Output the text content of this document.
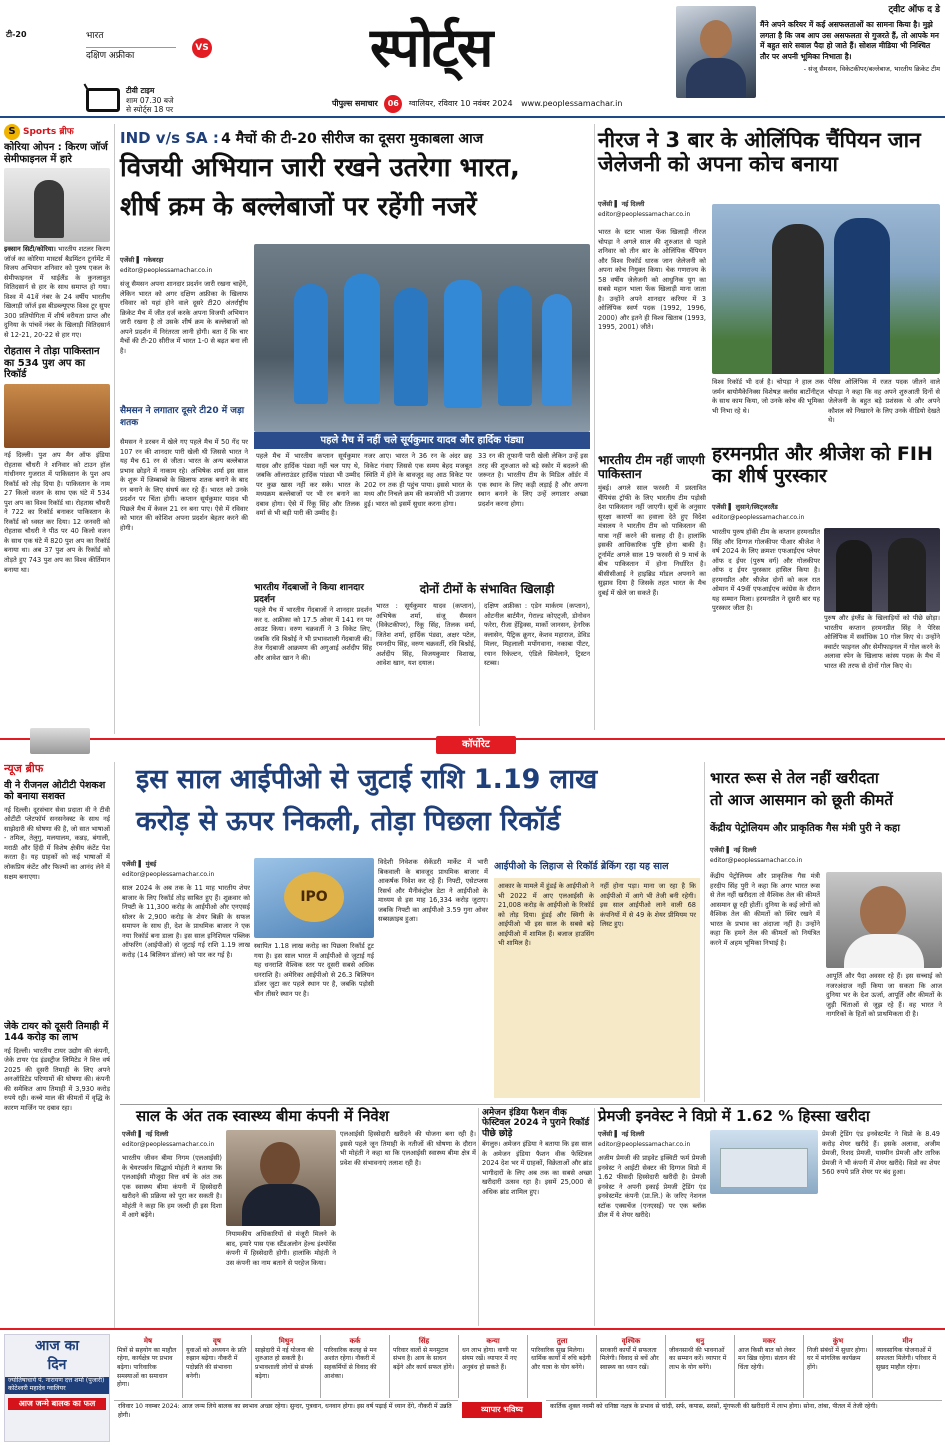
टी-20	भारत
दक्षिण अफ्रीका
VS
टीवी टाइम
शाम 07.30 बजे
से स्पोर्ट्स 18 पर
स्पोर्ट्स
पीपुल्स समाचार 06 ग्वालियर, रविवार 10 नवंबर 2024 www.peoplessamachar.in
ट्वीट ऑफ द डे
मैंने अपने करियर में कई असफलताओं का सामना किया है। मुझे लगता है कि जब आप उस असफलता से गुजरते हैं, तो आपके मन में बहुत सारे सवाल पैदा हो जाते हैं। सोशल मीडिया भी निश्चित तौर पर अपनी भूमिका निभाता है।
- संजू सैमसन, विकेटकीपर/बल्लेबाज, भारतीय क्रिकेट टीम
S Sports ब्रीफ
कोरिया ओपन : किरण जॉर्ज सेमीफाइनल में हारे
इक्सान सिटी/कोरिया। भारतीय शटलर किरण जॉर्ज का कोरिया मास्टर्स बैडमिंटन टूर्नामेंट में विजय अभियान शनिवार को पुरुष एकल के सेमीफाइनल में थाईलैंड के कुनलावुत वितिदसार्न से हार के साथ समाप्त हो गया। विश्व में 41वें नंबर के 24 वर्षीय भारतीय खिलाड़ी जॉर्ज इस बीडब्ल्यूएफ विश्व टूर सुपर 300 प्रतियोगिता में शीर्ष वरीयता प्राप्त और दुनिया के पांचवें नंबर के खिलाड़ी वितिदसार्न से 12-21, 20-22 से हार गए।
रोहतास ने तोड़ा पाकिस्तान का 534 पुश अप का रिकॉर्ड
नई दिल्ली। पुश अप मैन ऑफ इंडिया रोहतास चौधरी ने शनिवार को टाउन हॉल गांधीनगर गुजरात में पाकिस्तान के पुश अप रिकॉर्ड को तोड़ दिया है। पाकिस्तान के नाम 27 किलो वजन के साथ एक घंटे में 534 पुश अप का विश्व रिकॉर्ड था। रोहतास चौधरी ने 722 का रिकॉर्ड बनाकर पाकिस्तान के रिकॉर्ड को ध्वस्त कर दिया। 12 जनवरी को रोहतास चौधरी ने पीठ पर 40 किलो वजन के साथ एक घंटे में 820 पुश अप का रिकॉर्ड बनाया था। अब 37 पुश अप के रिकॉर्ड को तोड़ते हुए 743 पुश अप का विश्व कीर्तिमान बनाया था।
IND v/s SA : 4 मैचों की टी-20 सीरीज का दूसरा मुकाबला आज
विजयी अभियान जारी रखने उतरेगा भारत,
शीर्ष क्रम के बल्लेबाजों पर रहेंगी नजरें
एजेंसी ▌ गकेबरहा
editor@peoplessamachar.co.in
संजू सैमसन अपना शानदार प्रदर्शन जारी रखना चाहेंगे, लेकिन भारत को अगर दक्षिण अफ्रीका के खिलाफ रविवार को यहां होने वाले दूसरे टी20 अंतर्राष्ट्रीय क्रिकेट मैच में जीत दर्ज करके अपना विजयी अभियान जारी रखना है तो उसके शीर्ष क्रम के बल्लेबाजों को अपने प्रदर्शन में निरंतरता लानी होगी। बता दें कि चार मैचों की टी-20 सीरीज में भारत 1-0 से बढ़त बना ली है।
सैमसन ने लगातार दूसरे टी20 में जड़ा शतक
सैमसन ने डरबन में खेले गए पहले मैच में 50 गेंद पर 107 रन की शानदार पारी खेली थी जिससे भारत ने यह मैच 61 रन से जीता। भारत के अन्य बल्लेबाज प्रभाव छोड़ने में नाकाम रहे। अभिषेक शर्मा इस साल के शुरू में जिम्बाब्वे के खिलाफ शतक बनाने के बाद रन बनाने के लिए संघर्ष कर रहे हैं। भारत को उनके प्रदर्शन पर चिंता होगी। कप्तान सूर्यकुमार यादव भी पिछले मैच में केवल 21 रन बना पाए। ऐसे में रविवार को भारत की कोशिश अपना प्रदर्शन बेहतर करने की होगी।
पहले मैच में नहीं चले सूर्यकुमार यादव और हार्दिक पंड्या
पहले मैच में भारतीय कप्तान सूर्यकुमार यादव और हार्दिक पंड्या नहीं चल पाए थे, जबकि ऑलराउंडर हार्दिक पांड्या भी उम्मीद पर कुछ खास नहीं कर सके। भारत के मध्यक्रम बल्लेबाजों पर भी रन बनाने का दबाव होगा। ऐसे में रिंकू सिंह और तिलक वर्मा से भी बड़ी पारी की उम्मीद है।
नजर आए। भारत ने 36 रन के अंदर छह विकेट गंवाए जिससे एक समय बेहद मजबूत स्थिति में होने के बावजूद वह आठ विकेट पर 202 रन तक ही पहुंच पाया। इससे भारत के मध्य और निचले क्रम की कमजोरी भी उजागर हुई। भारत को इसमें सुधार करना होगा।
33 रन की तूफानी पारी खेली लेकिन उन्हें इस तरह की शुरुआत को बड़े स्कोर में बदलने की जरूरत है। भारतीय टीम के मिडिल ऑर्डर में एक स्थान के लिए कड़ी लड़ाई है और अपना स्थान बनाने के लिए उन्हें लगातार अच्छा प्रदर्शन करना होगा।
भारतीय गेंदबाजों ने किया शानदार प्रदर्शन
पहले मैच में भारतीय गेंदबाजों ने शानदार प्रदर्शन कर द. अफ्रीका को 17.5 ओवर में 141 रन पर आउट किया। वरुण चक्रवर्ती ने 3 विकेट लिए, जबकि रवि बिश्नोई ने भी प्रभावशाली गेंदबाजी की। तेज गेंदबाजी आक्रमण की अगुआई अर्शदीप सिंह और आवेश खान ने की।
दोनों टीमों के संभावित खिलाड़ी
भारत : सूर्यकुमार यादव (कप्तान), अभिषेक शर्मा, संजू सैमसन (विकेटकीपर), रिंकू सिंह, तिलक वर्मा, जितेश शर्मा, हार्दिक पंड्या, अक्षर पटेल, रमनदीप सिंह, वरुण चक्रवर्ती, रवि बिश्नोई, अर्शदीप सिंह, विजयकुमार विशाख, आवेश खान, यश दयाल।
दक्षिण अफ्रीका : एडेन मार्करम (कप्तान), ओटनील बार्टमैन, गेराल्ड कोएट्जी, डोनोवन फरेरा, रीजा हेंड्रिक्स, मार्को जानसन, हेनरिक क्लासेन, पैट्रिक क्रूगर, केशव महाराज, डेविड मिलर, मिहलाली मपोंगवाना, नकाबा पीटर, रयान रिकेल्टन, एंडिले सिमेलाने, ट्रिस्टन स्टब्स।
नीरज ने 3 बार के ओलिंपिक चैंपियन जान जेलेजनी को अपना कोच बनाया
एजेंसी ▌ नई दिल्ली
editor@peoplessamachar.co.in
भारत के स्टार भाला फेंक खिलाड़ी नीरज चोपड़ा ने अगले साल की शुरुआत से पहले शनिवार को तीन बार के ओलिंपिक चैंपियन और विश्व रिकॉर्ड धारक जान जेलेजनी को अपना कोच नियुक्त किया। चेक गणराज्य के 58 वर्षीय जेलेजनी को आधुनिक युग का सबसे महान भाला फेंक खिलाड़ी माना जाता है। उन्होंने अपने शानदार करियर में 3 ओलिंपिक स्वर्ण पदक (1992, 1996, 2000) और इतने ही विश्व खिताब (1993, 1995, 2001) जीते।
विश्व रिकॉर्ड भी दर्ज है। चोपड़ा ने हाल तक जर्मन बायोमैकेनिक्स विशेषज्ञ क्लॉस बार्टोनीट्ज के साथ काम किया, जो उनके कोच की भूमिका भी निभा रहे थे।
पेरिस ओलिंपिक में रजत पदक जीतने वाले चोपड़ा ने कहा कि वह अपने शुरुआती दिनों से जेलेजनी के बहुत बड़े प्रशंसक थे और अपने कौशल को निखारने के लिए उनके वीडियो देखते थे।
भारतीय टीम नहीं जाएगी पाकिस्तान
मुंबई। अगले साल फरवरी में प्रस्तावित चैंपियंस ट्रॉफी के लिए भारतीय टीम पड़ोसी देश पाकिस्तान नहीं जाएगी। सूत्रों के अनुसार सुरक्षा कारणों का हवाला देते हुए विदेश मंत्रालय ने भारतीय टीम को पाकिस्तान की यात्रा नहीं करने की सलाह दी है। हालांकि इसकी आधिकारिक पुष्टि होना बाकी है। टूर्नामेंट अगले साल 19 फरवरी से 9 मार्च के बीच पाकिस्तान में होना निर्धारित है। बीसीसीआई ने हाइब्रिड मॉडल अपनाने का सुझाव दिया है जिसके तहत भारत के मैच दुबई में खेले जा सकते हैं।
हरमनप्रीत और श्रीजेश को FIH का शीर्ष पुरस्कार
एजेंसी ▌ लुसाने/स्विट्जरलैंड
editor@peoplessamachar.co.in
भारतीय पुरुष हॉकी टीम के कप्तान हरमनप्रीत सिंह और दिग्गज गोलकीपर पीआर श्रीजेश ने वर्ष 2024 के लिए क्रमशः एफआईएच प्लेयर ऑफ द ईयर (पुरुष वर्ग) और गोलकीपर ऑफ द ईयर पुरस्कार हासिल किया है। हरमनप्रीत और श्रीजेश दोनों को कल रात ओमान में 49वीं एफआईएच कांग्रेस के दौरान यह सम्मान मिला। हरमनप्रीत ने दूसरी बार यह पुरस्कार जीता है।
पुरुष और इंग्लैंड के खिलाड़ियों को पीछे छोड़ा। भारतीय कप्तान हरमनप्रीत सिंह ने पेरिस ओलिंपिक में सर्वाधिक 10 गोल किए थे। उन्होंने क्वार्टर फाइनल और सेमीफाइनल में गोल करने के अलावा स्पेन के खिलाफ कांस्य पदक के मैच में भारत की तरफ से दोनों गोल किए थे।
कॉर्पोरेट
न्यूज ब्रीफ
वी ने रीजनल ओटीटी पेशकश को बनाया सशक्त
नई दिल्ली। दूरसंचार सेवा प्रदाता वी ने टीवी ओटीटी प्लेटफॉर्म सनसनेक्स्ट के साथ नई साझेदारी की घोषणा की है, जो सात भाषाओं - तमिल, तेलुगु, मलयालम, कन्नड़, बंगाली, मराठी और हिंदी में विशेष क्षेत्रीय कंटेंट पेश करता है। यह ग्राहकों को कई भाषाओं में लोकप्रिय कंटेंट और फिल्मों का आनंद लेने में सक्षम बनाएगा।
जेके टायर को दूसरी तिमाही में 144 करोड़ का लाभ
नई दिल्ली। भारतीय टायर उद्योग की कंपनी, जेके टायर एंड इंडस्ट्रीज लिमिटेड ने वित्त वर्ष 2025 की दूसरी तिमाही के लिए अपने अनऑडिटेड परिणामों की घोषणा की। कंपनी की समेकित आय तिमाही में 3,930 करोड़ रुपये रही। कच्चे माल की कीमतों में वृद्धि के कारण मार्जिन पर दबाव रहा।
इस साल आईपीओ से जुटाई राशि 1.19 लाख
करोड़ से ऊपर निकली, तोड़ा पिछला रिकॉर्ड
एजेंसी ▌ मुंबई
editor@peoplessamachar.co.in
साल 2024 के अब तक के 11 माह भारतीय शेयर बाजार के लिए रिकॉर्ड तोड़ साबित हुए हैं। शुक्रवार को निफ्टी के 11,300 करोड़ के आईपीओ और एनएसई सोलर के 2,900 करोड़ के शेयर बिक्री के सफल समापन के साथ ही, देश के प्राथमिक बाजार ने एक नया रिकॉर्ड बना डाला है। इस साल इनिशियल पब्लिक ऑफरिंग (आईपीओ) से जुटाई गई राशि 1.19 लाख करोड़ (14 बिलियन डॉलर) को पार कर गई है।
IPO
स्थापित 1.18 लाख करोड़ का पिछला रिकॉर्ड टूट गया है। इस साल भारत में आईपीओ से जुटाई गई यह धनराशि वैश्विक स्तर पर दूसरी सबसे अधिक धनराशि है। अमेरिका आईपीओ से 26.3 बिलियन डॉलर जुटा कर पहले स्थान पर है, जबकि पड़ोसी चीन तीसरे स्थान पर है।
विदेशी निवेशक सेकेंडरी मार्केट में भारी बिकवाली के बावजूद प्राथमिक बाजार में आकर्षक निवेश कर रहे हैं। निफ्टी, एसेटप्लस रिसर्च और मैनीकंट्रोल डेटा ने आईपीओ के माध्यम से इस माह 16,334 करोड़ जुटाए। जबकि निफ्टी का आईपीओ 3.59 गुना ओवर सब्सक्राइब हुआ।
आईपीओ के लिहाज से रिकॉर्ड ब्रेकिंग रहा यह साल
आकार के मामले में हुंडई के आईपीओ ने भी 2022 में आए एलआईसी के 21,008 करोड़ के आईपीओ के रिकॉर्ड को तोड़ दिया। हुंडई और स्विगी के आईपीओ भी इस साल के सबसे बड़े आईपीओ में शामिल हैं। बजाज हाउसिंग भी शामिल है।
नहीं होना पड़ा। माना जा रहा है कि आईपीओ में आगे भी तेजी बनी रहेगी। इस साल आईपीओ लाने वाली 68 कंपनियों में से 49 के शेयर प्रीमियम पर लिस्ट हुए।
भारत रूस से तेल नहीं खरीदता
तो आज आसमान को छूती कीमतें
केंद्रीय पेट्रोलियम और प्राकृतिक गैस मंत्री पुरी ने कहा
एजेंसी ▌ नई दिल्ली
editor@peoplessamachar.co.in
केंद्रीय पेट्रोलियम और प्राकृतिक गैस मंत्री हरदीप सिंह पुरी ने कहा कि अगर भारत रूस से तेल नहीं खरीदता तो वैश्विक तेल की कीमतें आसमान छू रही होतीं। दुनिया के कई लोगों को वैश्विक तेल की कीमतों को स्थिर रखने में भारत के प्रभाव का अंदाजा नहीं है। उन्होंने कहा कि हमने तेल की कीमतों को नियंत्रित करने में अहम भूमिका निभाई है।
आपूर्ति और पैदा अवसर रहे हैं। इस सच्चाई को नजरअंदाज नहीं किया जा सकता कि आज दुनिया भर के देश ऊर्जा, आपूर्ति और कीमतों के जुड़ी चिंताओं से जूझ रहे हैं। वह भारत ने नागरिकों के हितों को प्राथमिकता दी है।
साल के अंत तक स्वास्थ्य बीमा कंपनी में निवेश
एजेंसी ▌ नई दिल्ली
editor@peoplessamachar.co.in
भारतीय जीवन बीमा निगम (एलआईसी) के चेयरपर्सन सिद्धार्थ मोहंती ने बताया कि एलआईसी मौजूदा वित्त वर्ष के अंत तक एक स्वास्थ्य बीमा कंपनी में हिस्सेदारी खरीदने की प्रक्रिया को पूरा कर सकती है। मोहंती ने कहा कि हम जल्दी ही इस दिशा में आगे बढ़ेंगे।
नियामकीय अधिकारियों से मंजूरी मिलने के बाद, हमारे पास एक स्टैंडअलोन हेल्थ इंश्योरेंस कंपनी में हिस्सेदारी होगी। हालांकि मोहंती ने उस कंपनी का नाम बताने से परहेज किया।
एलआईसी हिस्सेदारी खरीदने की योजना बना रही है। इससे पहले जून तिमाही के नतीजों की घोषणा के दौरान भी मोहंती ने कहा था कि एलआईसी स्वास्थ्य बीमा क्षेत्र में प्रवेश की संभावनाएं तलाश रही है।
अमेजन इंडिया फैशन वीक फेस्टिवल 2024 ने पुराने रिकॉर्ड पीछे छोड़े
बेंगलुरु। अमेजन इंडिया ने बताया कि इस साल के अमेजन इंडिया फैशन वीक फेस्टिवल 2024 देश भर में ग्राहकों, विक्रेताओं और ब्रांड भागीदारों के लिए अब तक का सबसे अच्छा खरीदारी उत्सव रहा है। इसमें 25,000 से अधिक ब्रांड शामिल हुए।
प्रेमजी इनवेस्ट ने विप्रो में 1.62 % हिस्सा खरीदा
एजेंसी ▌ नई दिल्ली
editor@peoplessamachar.co.in
अजीम प्रेमजी की प्राइवेट इक्विटी फर्म प्रेमजी इनवेस्ट ने आईटी सेक्टर की दिग्गज विप्रो में 1.62 फीसदी हिस्सेदारी खरीदी है। प्रेमजी इनवेस्ट ने अपनी इकाई प्रेमजी ट्रेडिंग एंड इनवेस्टमेंट कंपनी (प्रा.लि.) के जरिए नेशनल स्टॉक एक्सचेंज (एनएसई) पर एक ब्लॉक डील में ये शेयर खरीदे।
प्रेमजी ट्रेडिंग एंड इनवेस्टमेंट ने विप्रो के 8.49 करोड़ शेयर खरीदे हैं। इसके अलावा, अजीम प्रेमजी, रिशद प्रेमजी, यास्मीन प्रेमजी और तारिक प्रेमजी ने भी कंपनी में शेयर खरीदे। विप्रो का शेयर 560 रुपये प्रति शेयर पर बंद हुआ।
आज का
दिन
ज्योतिषाचार्य पं. नारायण दत्त शर्मा (पुजारी) कोटेश्वरी महादेव ग्वालियर
आज जन्मे बालक का फल
मेष
मित्रों से सहयोग का माहौल रहेगा, कार्यक्षेत्र पर प्रभाव बढ़ेगा। पारिवारिक समस्याओं का समाधान होगा।
वृष
युवाओं को अध्ययन के प्रति रुझान बढ़ेगा। नौकरी में पदोन्नति की संभावना बनेगी।
मिथुन
साझेदारी में नई योजना की शुरुआत हो सकती है। प्रभावशाली लोगों से संपर्क बढ़ेगा।
कर्क
पारिवारिक कलह से मन अशांत रहेगा। नौकरी में सहकर्मियों से विवाद की आशंका।
सिंह
परिवार वालों से मनमुटाव संभव है। आय के साधन बढ़ेंगे और कार्य सफल होंगे।
कन्या
धन लाभ होगा। वाणी पर संयम रखें। व्यापार में नए अनुबंध हो सकते हैं।
तुला
पारिवारिक सुख मिलेगा। धार्मिक कार्यों में रुचि बढ़ेगी और यात्रा के योग बनेंगे।
वृश्चिक
सरकारी कार्यों में सफलता मिलेगी। विवाद से बचें और स्वास्थ्य का ध्यान रखें।
धनु
जीवनसाथी की भावनाओं का सम्मान करें। व्यापार में लाभ के योग बनेंगे।
मकर
आज किसी बात को लेकर मन खिन्न रहेगा। संतान की चिंता रहेगी।
कुंभ
निजी संबंधों में सुधार होगा। घर में मांगलिक कार्यक्रम होंगे।
मीन
व्यावसायिक योजनाओं में सफलता मिलेगी। परिवार में सुखद माहौल रहेगा।
रविवार 10 नवम्बर 2024: आज जन्म लिये बालक का स्वभाव अच्छा रहेगा। सुन्दर, पुत्रवान, धनवान होगा। इस वर्ष पढ़ाई में ध्यान देंगे, नौकरी में उन्नति होगी।
व्यापार भविष्य	कार्तिक शुक्ल नवमी को धनिष्ठा नक्षत्र के प्रभाव से चांदी, सर्फ, कपास, सरसों, मूंगफली की खरीदारी में लाभ होगा। सोना, तांबा, पीतल में तेजी रहेगी।
